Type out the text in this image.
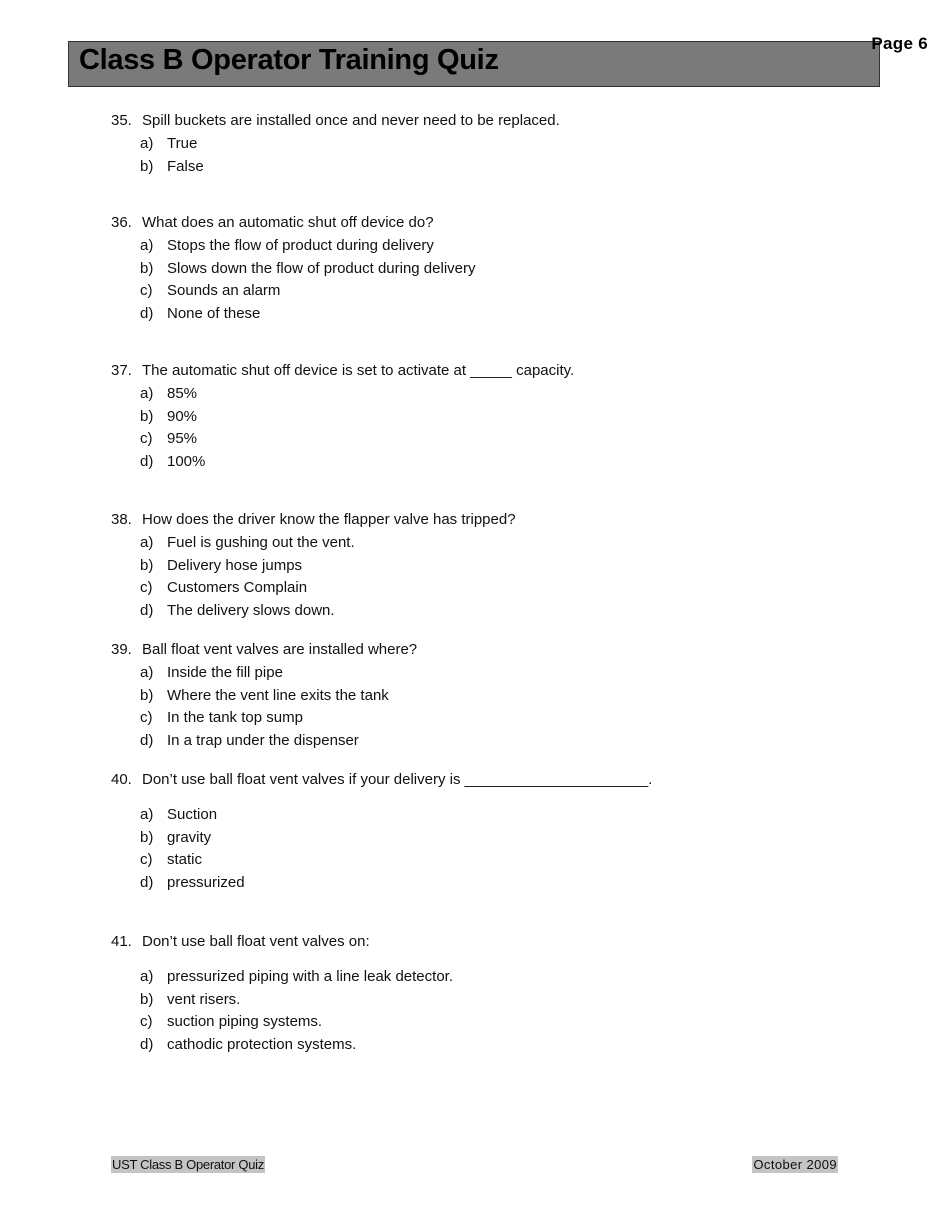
Class B Operator Training Quiz
Page 6
35. Spill buckets are installed once and never need to be replaced.
a) True
b) False
36. What does an automatic shut off device do?
a) Stops the flow of product during delivery
b) Slows down the flow of product during delivery
c) Sounds an alarm
d) None of these
37. The automatic shut off device is set to activate at _____ capacity.
a) 85%
b) 90%
c) 95%
d) 100%
38. How does the driver know the flapper valve has tripped?
a) Fuel is gushing out the vent.
b) Delivery hose jumps
c) Customers Complain
d) The delivery slows down.
39. Ball float vent valves are installed where?
a) Inside the fill pipe
b) Where the vent line exits the tank
c) In the tank top sump
d) In a trap under the dispenser
40. Don’t use ball float vent valves if your delivery is ______________________.
a) Suction
b) gravity
c) static
d) pressurized
41. Don’t use ball float vent valves on:
a) pressurized piping with a line leak detector.
b) vent risers.
c) suction piping systems.
d) cathodic protection systems.
UST Class B Operator Quiz	October 2009
